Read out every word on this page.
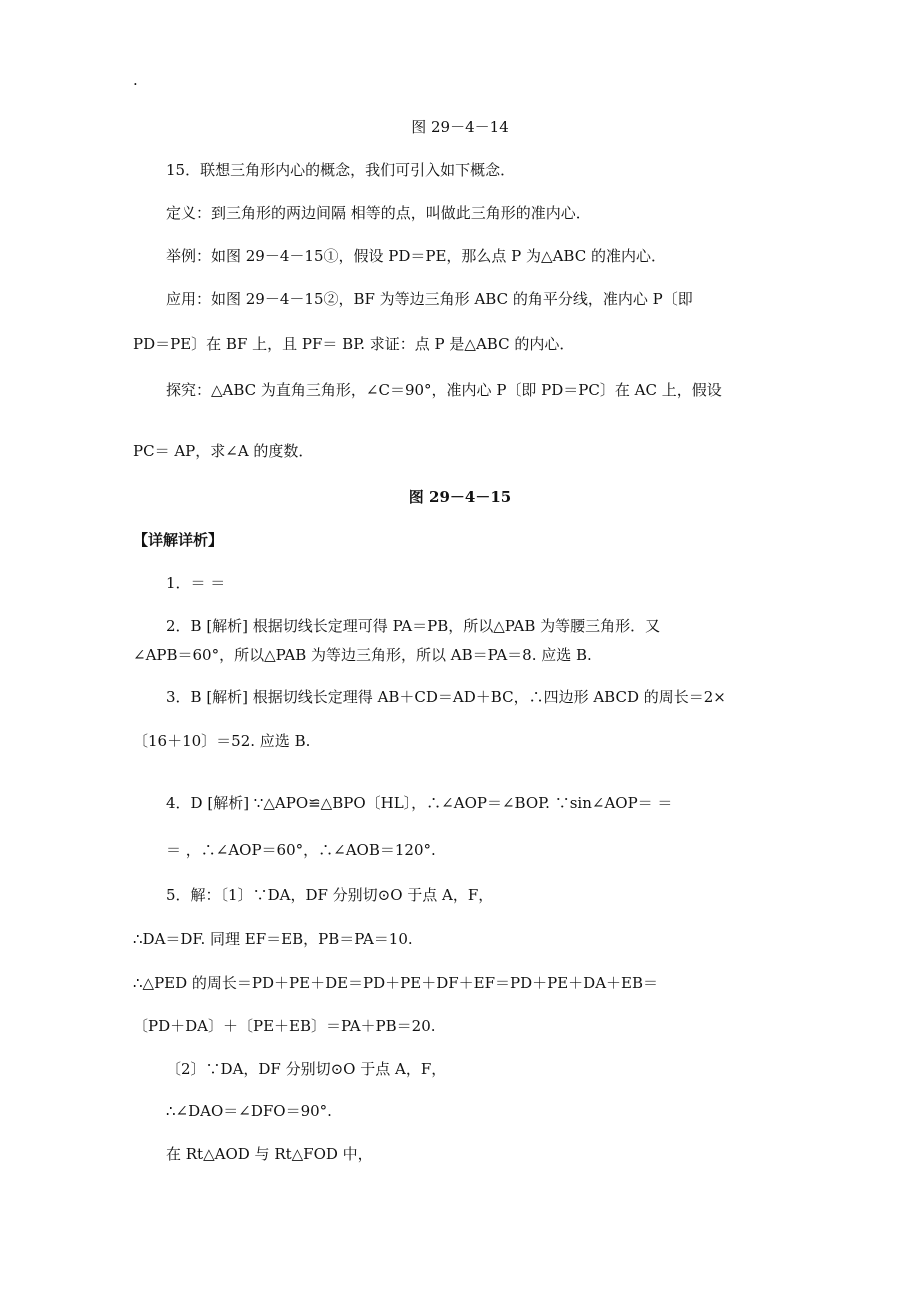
·
图 29－4－14
15．联想三角形内心的概念，我们可引入如下概念．
定义：到三角形的两边间隔 相等的点，叫做此三角形的准内心．
举例：如图 29－4－15①，假设 PD＝PE，那么点 P 为△ABC 的准内心．
应用：如图 29－4－15②，BF 为等边三角形 ABC 的角平分线，准内心 P〔即
PD＝PE〕在 BF 上，且 PF＝ BP. 求证：点 P 是△ABC 的内心．
探究：△ABC 为直角三角形，∠C＝90°，准内心 P〔即 PD＝PC〕在 AC 上，假设
PC＝ AP，求∠A 的度数．
图 29－4－15
【详解详析】
1．＝ ＝
2．B [解析] 根据切线长定理可得 PA＝PB，所以△PAB 为等腰三角形．又
∠APB＝60°，所以△PAB 为等边三角形，所以 AB＝PA＝8. 应选 B.
3．B [解析] 根据切线长定理得 AB＋CD＝AD＋BC，∴四边形 ABCD 的周长＝2×
〔16＋10〕＝52. 应选 B.
4．D [解析] ∵△APO≌△BPO〔HL〕，∴∠AOP＝∠BOP. ∵sin∠AOP＝ ＝
＝ ，∴∠AOP＝60°，∴∠AOB＝120°.
5．解：〔1〕∵DA，DF 分别切⊙O 于点 A，F，
∴DA＝DF. 同理 EF＝EB，PB＝PA＝10.
∴△PED 的周长＝PD＋PE＋DE＝PD＋PE＋DF＋EF＝PD＋PE＋DA＋EB＝
〔PD＋DA〕＋〔PE＋EB〕＝PA＋PB＝20.
〔2〕∵DA，DF 分别切⊙O 于点 A，F，
∴∠DAO＝∠DFO＝90°.
在 Rt△AOD 与 Rt△FOD 中，
